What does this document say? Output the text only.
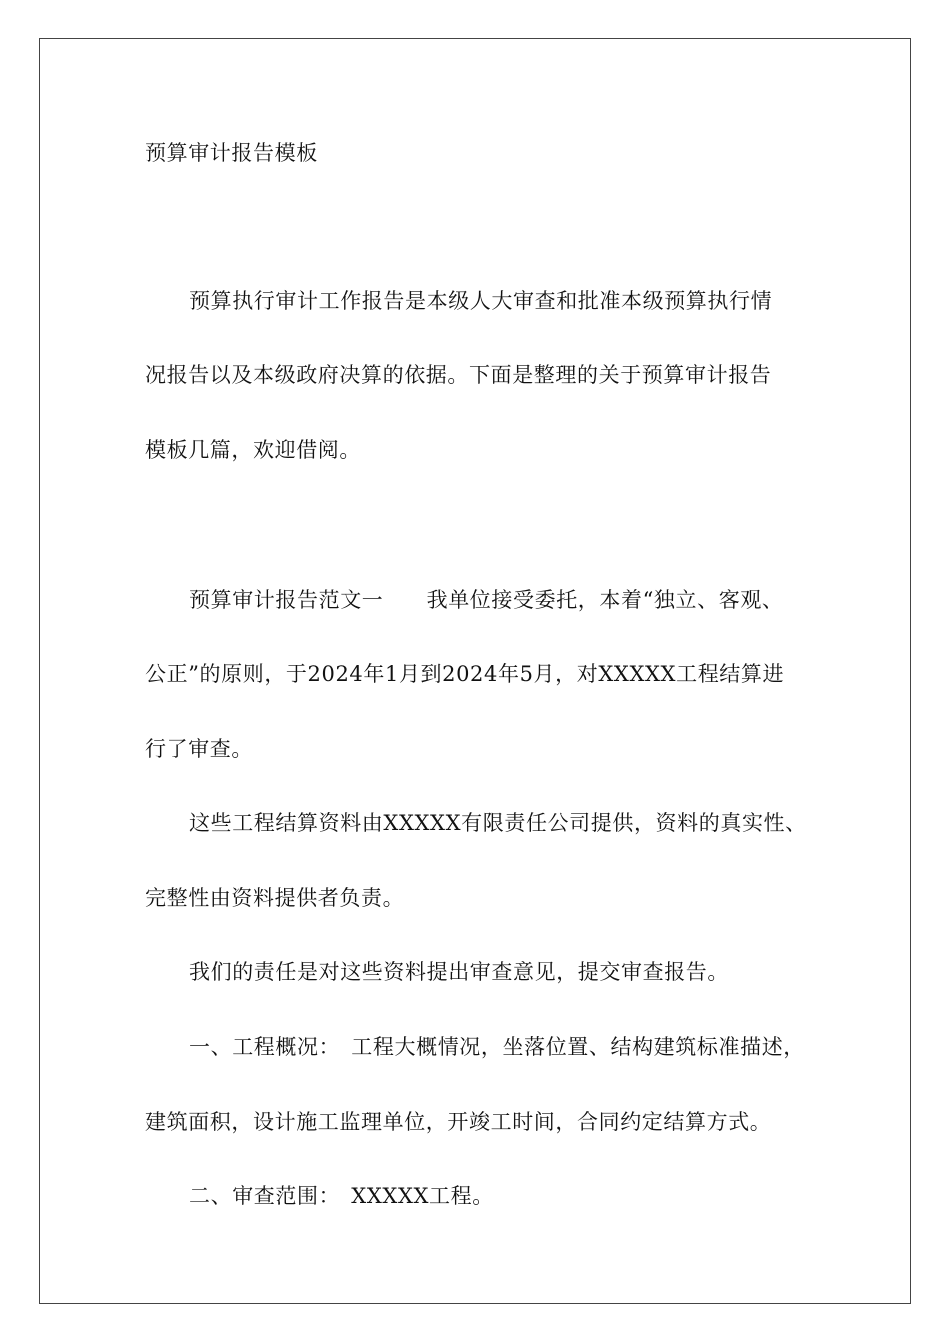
预算审计报告模板
预算执行审计工作报告是本级人大审查和批准本级预算执行情
况报告以及本级政府决算的依据。下面是整理的关于预算审计报告
模板几篇，欢迎借阅。
预算审计报告范文一　　我单位接受委托，本着“独立、客观、
公正”的原则，于2024年1月到2024年5月，对XXXXX工程结算进
行了审查。
这些工程结算资料由XXXXX有限责任公司提供，资料的真实性、
完整性由资料提供者负责。
我们的责任是对这些资料提出审查意见，提交审查报告。
一、工程概况：　工程大概情况，坐落位置、结构建筑标准描述，
建筑面积，设计施工监理单位，开竣工时间，合同约定结算方式。
二、审查范围：　XXXXX工程。
